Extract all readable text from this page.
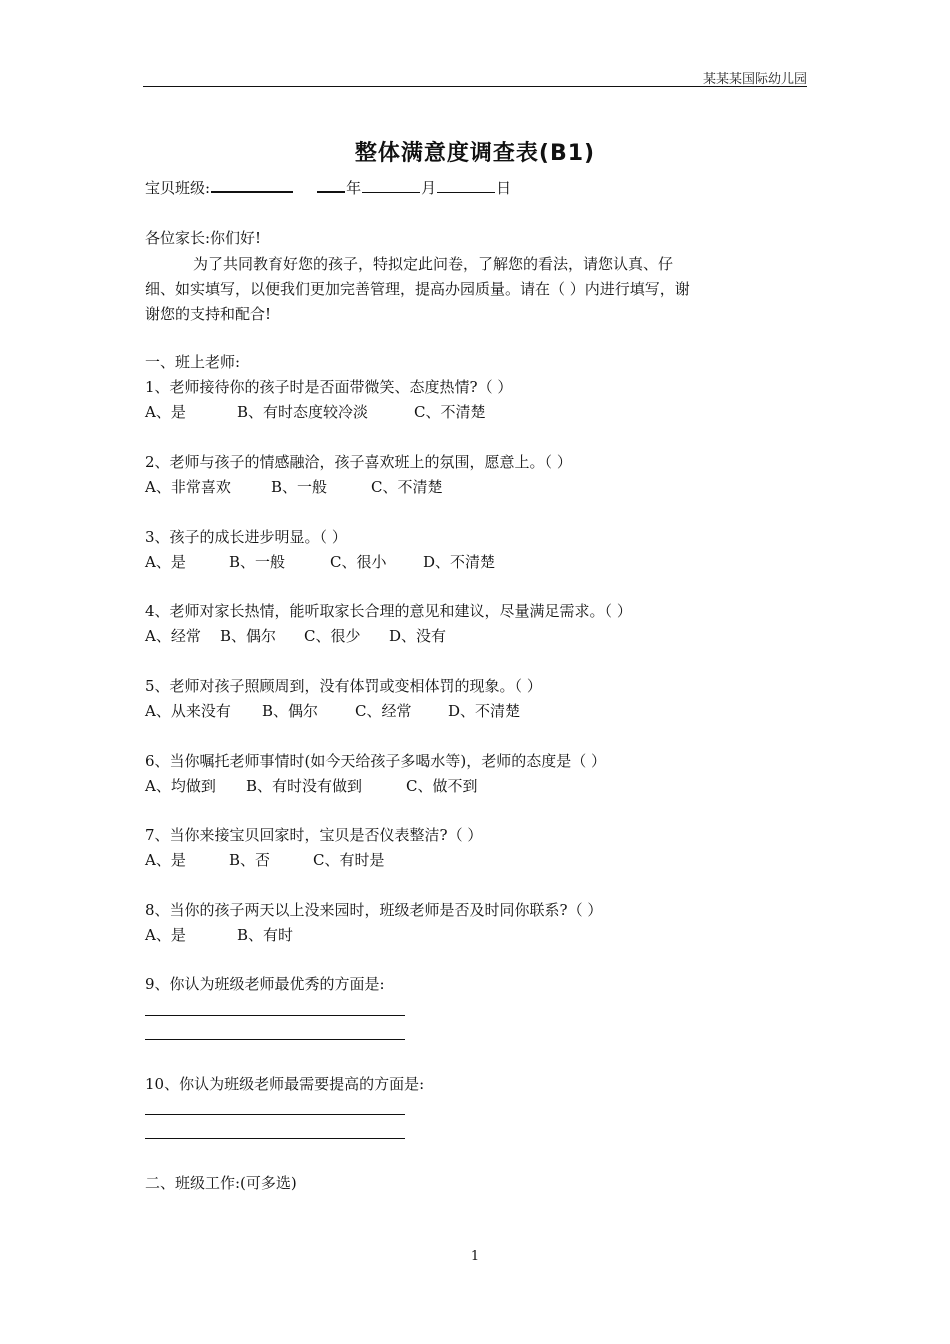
某某某国际幼儿园
整体满意度调查表(B1)
宝贝班级:	年	月	日
各位家长:你们好!
为了共同教育好您的孩子，特拟定此问卷，了解您的看法，请您认真、仔
细、如实填写，以便我们更加完善管理，提高办园质量。请在（ ）内进行填写，谢
谢您的支持和配合!
一、班上老师:
1、老师接待你的孩子时是否面带微笑、态度热情?（ ）
A、是	B、有时态度较冷淡	C、不清楚
2、老师与孩子的情感融洽，孩子喜欢班上的氛围，愿意上。（ ）
A、非常喜欢	B、一般	C、不清楚
3、孩子的成长进步明显。（ ）
A、是	B、一般	C、很小 D、不清楚
4、老师对家长热情，能听取家长合理的意见和建议，尽量满足需求。（ ）
A、经常 B、偶尔 C、很少 D、没有
5、老师对孩子照顾周到，没有体罚或变相体罚的现象。（ ）
A、从来没有 B、偶尔 C、经常 D、不清楚
6、当你嘱托老师事情时(如今天给孩子多喝水等)，老师的态度是（ ）
A、均做到 B、有时没有做到	C、做不到
7、当你来接宝贝回家时，宝贝是否仪表整洁?（ ）
A、是	B、否	C、有时是
8、当你的孩子两天以上没来园时，班级老师是否及时同你联系?（ ）
A、是	B、有时
9、你认为班级老师最优秀的方面是:
10、你认为班级老师最需要提高的方面是:
二、班级工作:(可多选)
1
